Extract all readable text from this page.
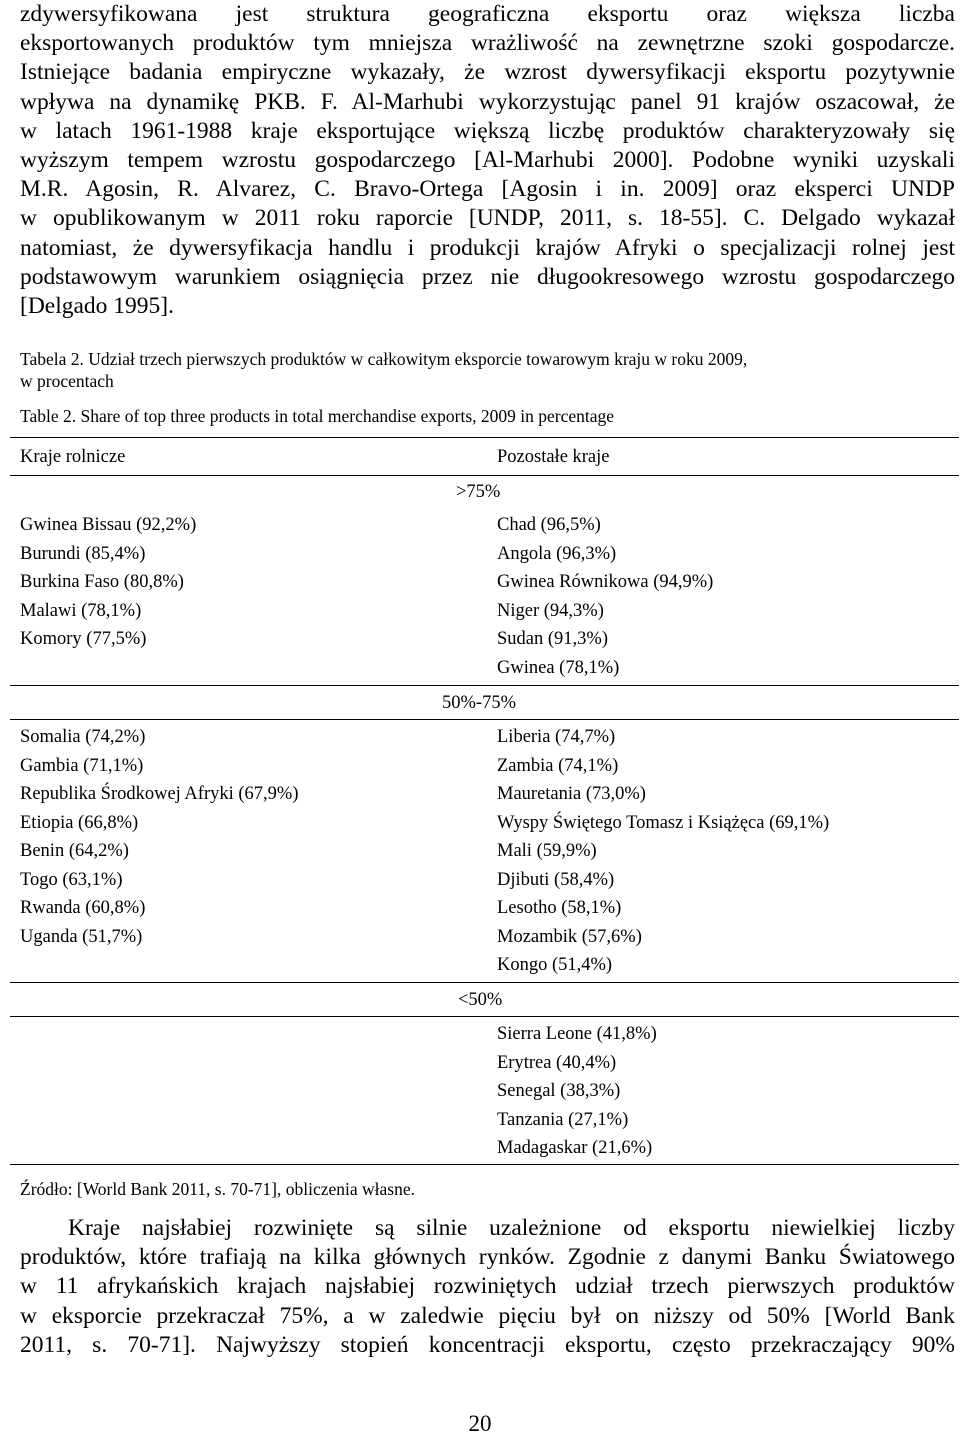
zdywersyfikowana jest struktura geograficzna eksportu oraz większa liczba
eksportowanych produktów tym mniejsza wrażliwość na zewnętrzne szoki gospodarcze.
Istniejące badania empiryczne wykazały, że wzrost dywersyfikacji eksportu pozytywnie
wpływa na dynamikę PKB. F. Al-Marhubi wykorzystując panel 91 krajów oszacował, że
w latach 1961-1988 kraje eksportujące większą liczbę produktów charakteryzowały się
wyższym tempem wzrostu gospodarczego [Al-Marhubi 2000]. Podobne wyniki uzyskali
M.R. Agosin, R. Alvarez, C. Bravo-Ortega [Agosin i in. 2009] oraz eksperci UNDP
w opublikowanym w 2011 roku raporcie [UNDP, 2011, s. 18-55]. C. Delgado wykazał
natomiast, że dywersyfikacja handlu i produkcji krajów Afryki o specjalizacji rolnej jest
podstawowym warunkiem osiągnięcia przez nie długookresowego wzrostu gospodarczego
[Delgado 1995].
Tabela 2. Udział trzech pierwszych produktów w całkowitym eksporcie towarowym kraju w roku 2009,
w procentach
Table 2. Share of top three products in total merchandise exports, 2009 in percentage
Kraje rolnicze	Pozostałe kraje
>75%
Gwinea Bissau (92,2%)
Burundi (85,4%)
Burkina Faso (80,8%)
Malawi (78,1%)
Komory (77,5%)
Chad (96,5%)
Angola (96,3%)
Gwinea Równikowa (94,9%)
Niger (94,3%)
Sudan (91,3%)
Gwinea (78,1%)
50%-75%
Somalia (74,2%)
Gambia (71,1%)
Republika Środkowej Afryki (67,9%)
Etiopia (66,8%)
Benin (64,2%)
Togo (63,1%)
Rwanda (60,8%)
Uganda (51,7%)
Liberia (74,7%)
Zambia (74,1%)
Mauretania (73,0%)
Wyspy Świętego Tomasz i Książęca (69,1%)
Mali (59,9%)
Djibuti (58,4%)
Lesotho (58,1%)
Mozambik (57,6%)
Kongo (51,4%)
<50%
Sierra Leone (41,8%)
Erytrea (40,4%)
Senegal (38,3%)
Tanzania (27,1%)
Madagaskar (21,6%)
Źródło: [World Bank 2011, s. 70-71], obliczenia własne.
Kraje najsłabiej rozwinięte są silnie uzależnione od eksportu niewielkiej liczby
produktów, które trafiają na kilka głównych rynków. Zgodnie z danymi Banku Światowego
w 11 afrykańskich krajach najsłabiej rozwiniętych udział trzech pierwszych produktów
w eksporcie przekraczał 75%, a w zaledwie pięciu był on niższy od 50% [World Bank
2011, s. 70-71]. Najwyższy stopień koncentracji eksportu, często przekraczający 90%
20
